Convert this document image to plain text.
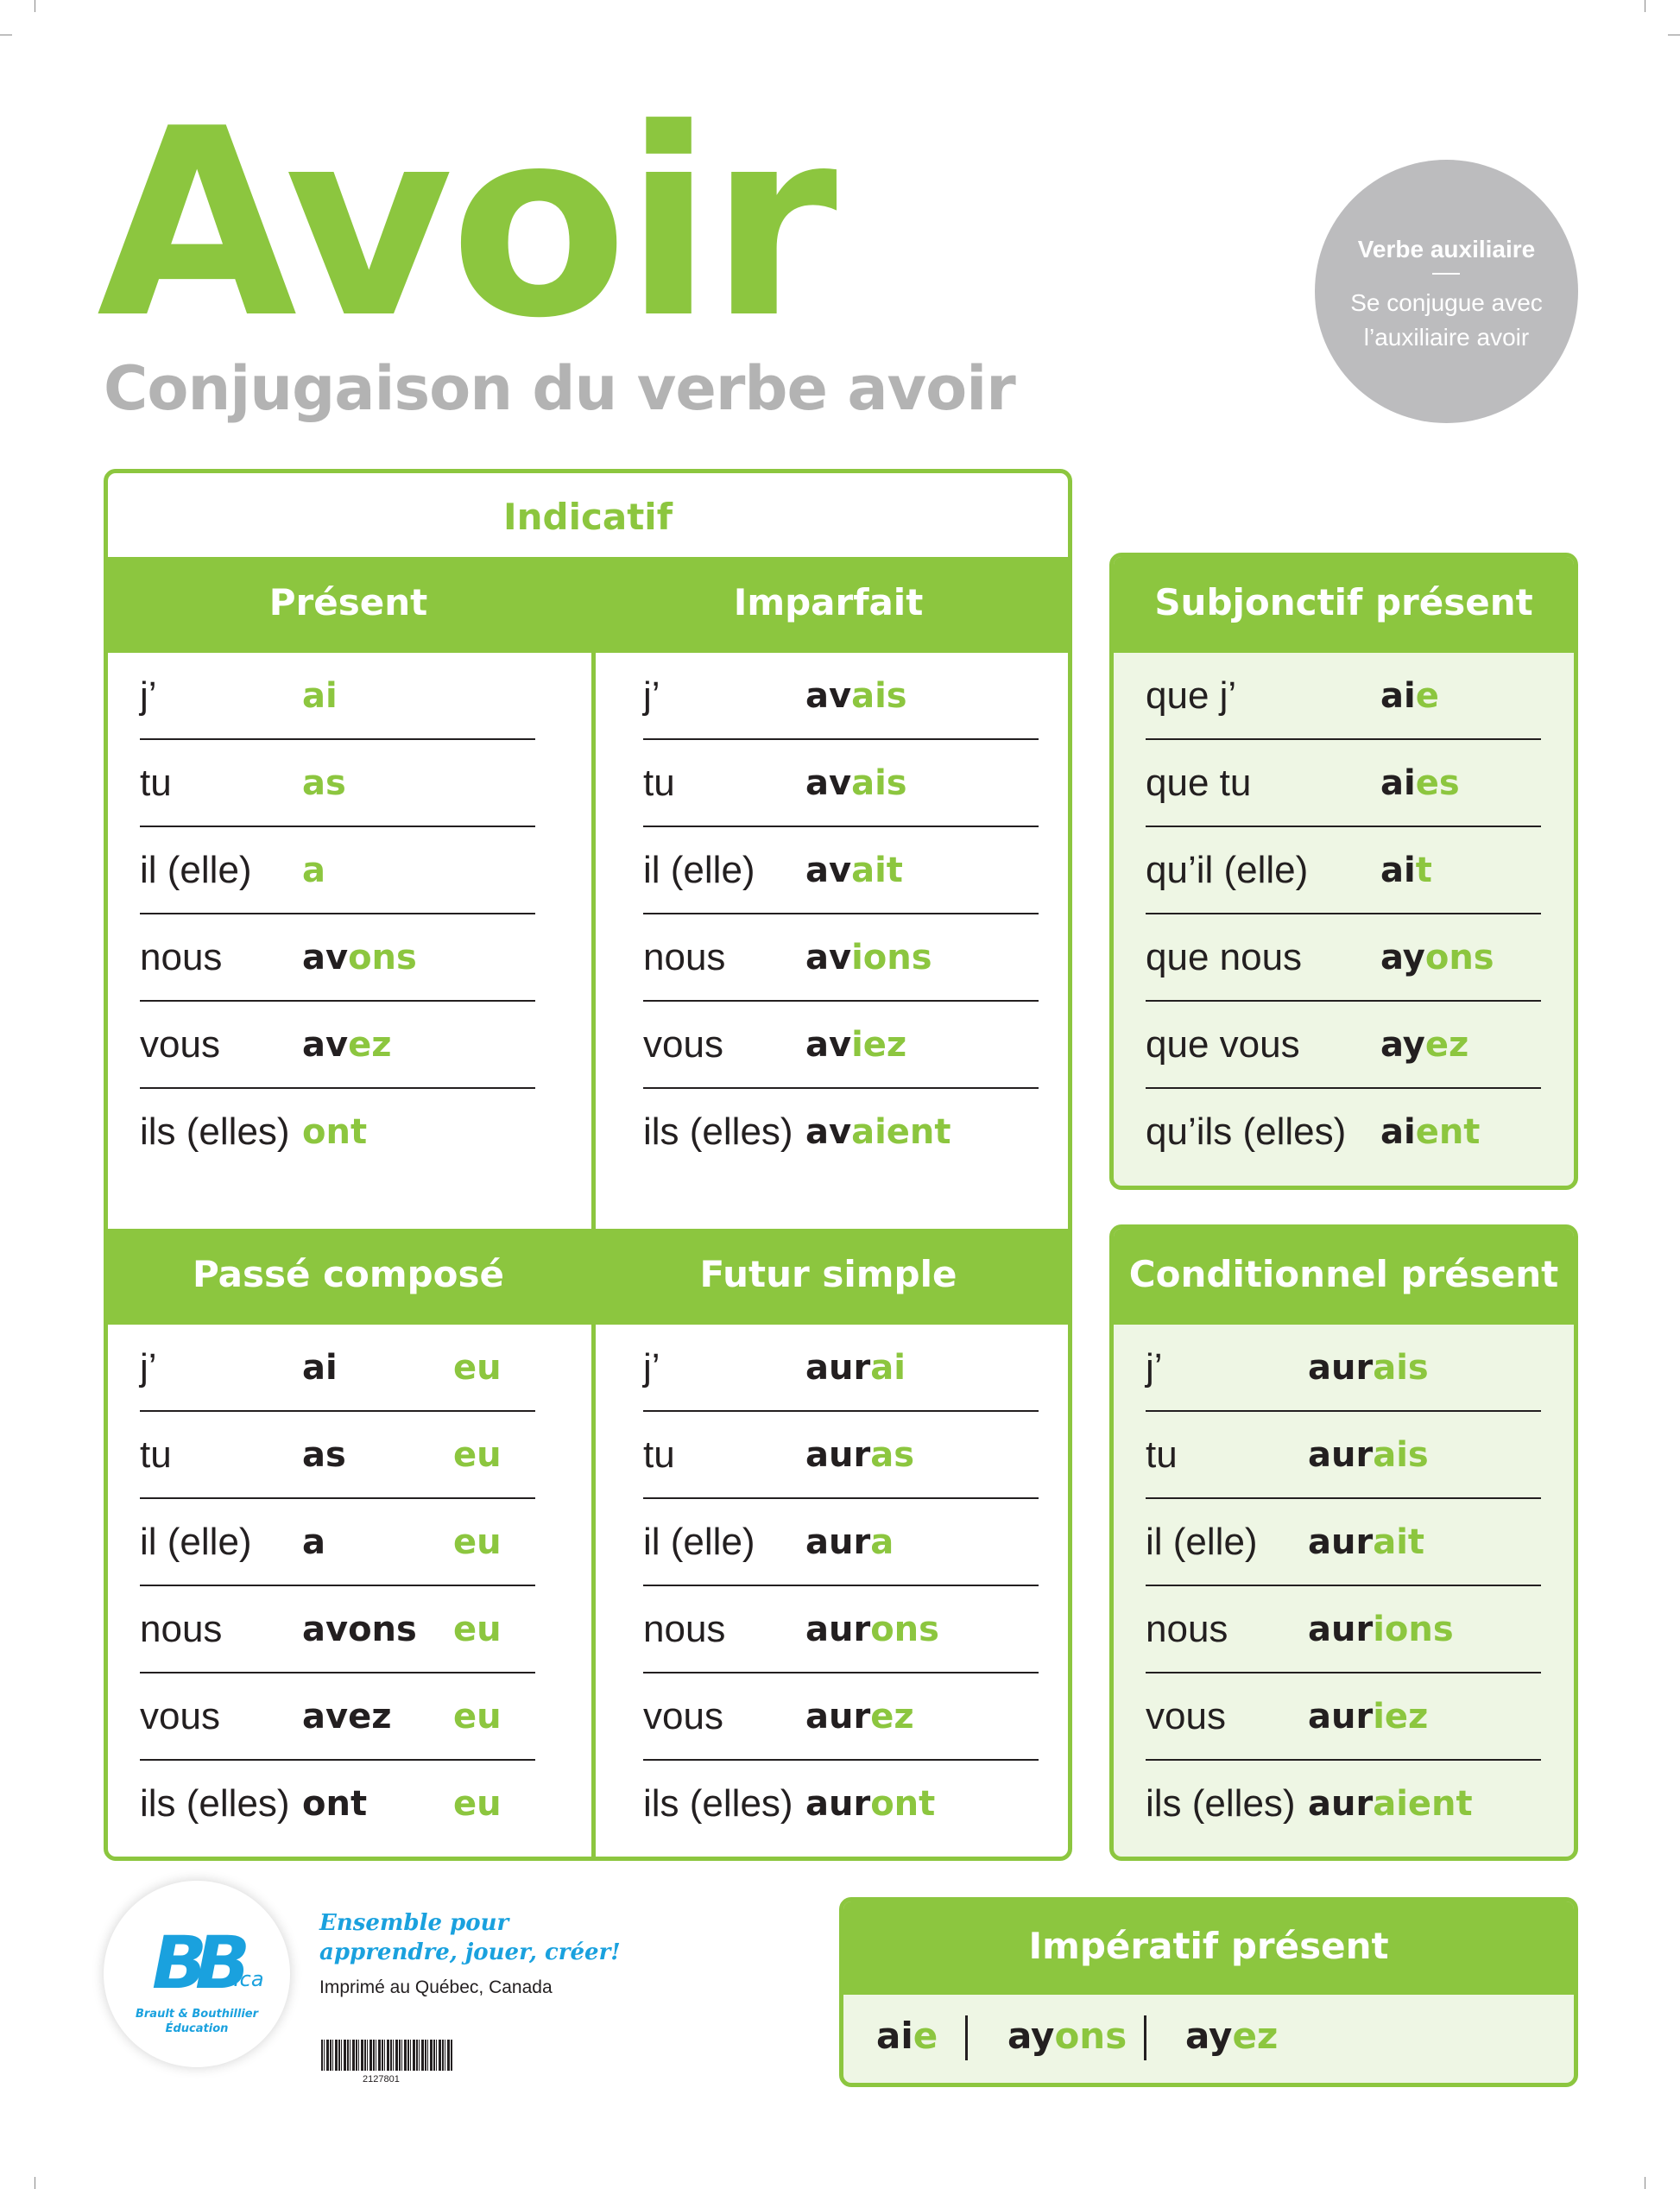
Avoir
Conjugaison du verbe avoir
Verbe auxiliaire
Se conjugue avec
l’auxiliaire avoir
Indicatif
Présent	Imparfait
Passé composé	Futur simple
j’	ai
tu	as
il (elle) a
nous avons
vous avez
ils (elles) ont
j’	avais
tu	avais
il (elle) avait
nous avions
vous aviez
ils (elles) avaient
j’	ai	eu
tu	as	eu
il (elle) a	eu
nous avons eu
vous avez eu
ils (elles) ont eu
j’	aurai
tu	auras
il (elle) aura
nous aurons
vous aurez
ils (elles) auront
Subjonctif présent
que j’	aie
que tu	aies
qu’il (elle) ait
que nous ayons
que vous ayez
qu’ils (elles) aient
Conditionnel présent
j’	aurais
tu	aurais
il (elle) aurait
nous aurions
vous auriez
ils (elles) auraient
Impératif présent
aie ayons ayez
BB
.ca
Brault & Bouthillier
Éducation
Ensemble pour
apprendre, jouer, créer!
Imprimé au Québec, Canada
2127801
